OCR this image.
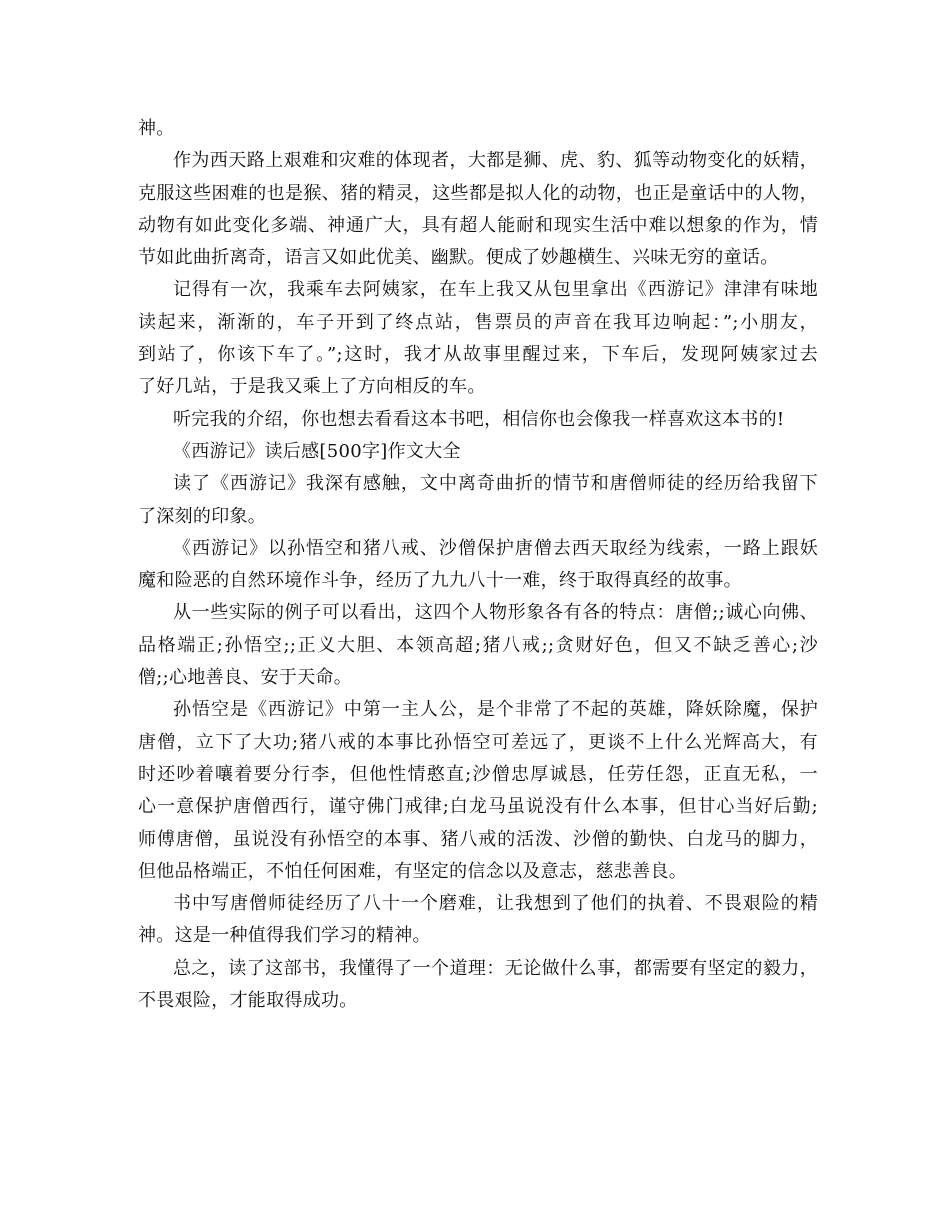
神。
作为西天路上艰难和灾难的体现者，大都是狮、虎、豹、狐等动物变化的妖精，
克服这些困难的也是猴、猪的精灵，这些都是拟人化的动物，也正是童话中的人物，
动物有如此变化多端、神通广大，具有超人能耐和现实生活中难以想象的作为，情
节如此曲折离奇，语言又如此优美、幽默。便成了妙趣横生、兴味无穷的童话。
记得有一次，我乘车去阿姨家，在车上我又从包里拿出《西游记》津津有味地
读起来，渐渐的，车子开到了终点站，售票员的声音在我耳边响起：”;小朋友，
到站了，你该下车了。”;这时，我才从故事里醒过来，下车后，发现阿姨家过去
了好几站，于是我又乘上了方向相反的车。
听完我的介绍，你也想去看看这本书吧，相信你也会像我一样喜欢这本书的!
《西游记》读后感[500字]作文大全
读了《西游记》我深有感触，文中离奇曲折的情节和唐僧师徒的经历给我留下
了深刻的印象。
《西游记》以孙悟空和猪八戒、沙僧保护唐僧去西天取经为线索，一路上跟妖
魔和险恶的自然环境作斗争，经历了九九八十一难，终于取得真经的故事。
从一些实际的例子可以看出，这四个人物形象各有各的特点：唐僧;;诚心向佛、
品格端正;孙悟空;;正义大胆、本领高超;猪八戒;;贪财好色，但又不缺乏善心;沙
僧;;心地善良、安于天命。
孙悟空是《西游记》中第一主人公，是个非常了不起的英雄，降妖除魔，保护
唐僧，立下了大功;猪八戒的本事比孙悟空可差远了，更谈不上什么光辉高大，有
时还吵着嚷着要分行李，但他性情憨直;沙僧忠厚诚恳，任劳任怨，正直无私，一
心一意保护唐僧西行，谨守佛门戒律;白龙马虽说没有什么本事，但甘心当好后勤;
师傅唐僧，虽说没有孙悟空的本事、猪八戒的活泼、沙僧的勤快、白龙马的脚力，
但他品格端正，不怕任何困难，有坚定的信念以及意志，慈悲善良。
书中写唐僧师徒经历了八十一个磨难，让我想到了他们的执着、不畏艰险的精
神。这是一种值得我们学习的精神。
总之，读了这部书，我懂得了一个道理：无论做什么事，都需要有坚定的毅力，
不畏艰险，才能取得成功。
